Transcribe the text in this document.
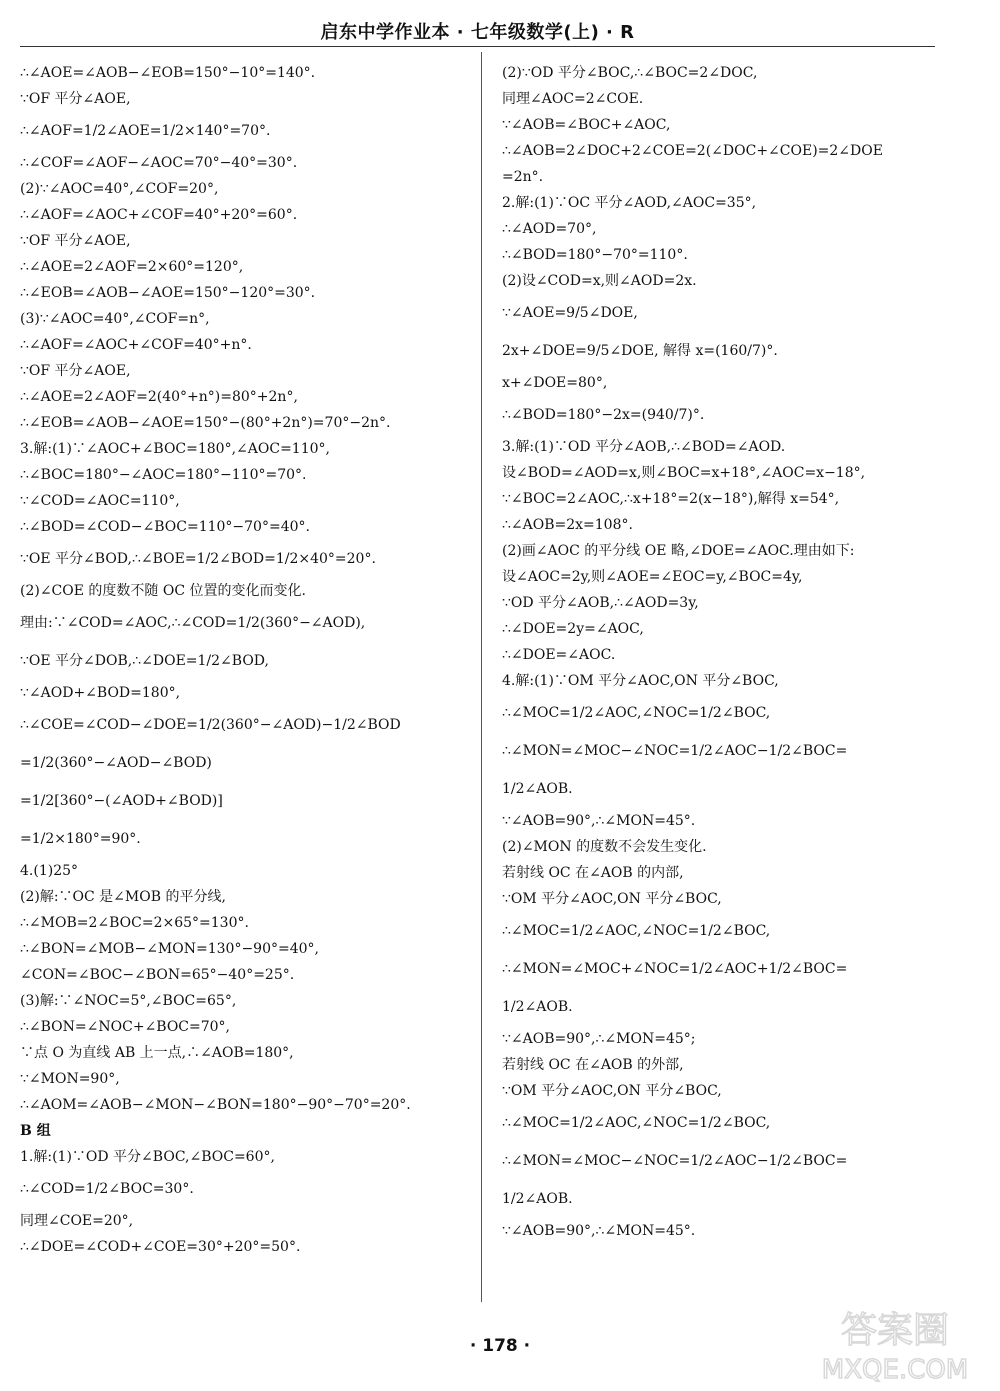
启东中学作业本 · 七年级数学(上) · R
∴∠AOE=∠AOB−∠EOB=150°−10°=140°.
∵OF 平分∠AOE,
∴∠AOF=1/2∠AOE=1/2×140°=70°.
∴∠COF=∠AOF−∠AOC=70°−40°=30°.
(2)∵∠AOC=40°,∠COF=20°,
∴∠AOF=∠AOC+∠COF=40°+20°=60°.
∵OF 平分∠AOE,
∴∠AOE=2∠AOF=2×60°=120°,
∴∠EOB=∠AOB−∠AOE=150°−120°=30°.
(3)∵∠AOC=40°,∠COF=n°,
∴∠AOF=∠AOC+∠COF=40°+n°.
∵OF 平分∠AOE,
∴∠AOE=2∠AOF=2(40°+n°)=80°+2n°,
∴∠EOB=∠AOB−∠AOE=150°−(80°+2n°)=70°−2n°.
3.解:(1)∵∠AOC+∠BOC=180°,∠AOC=110°,
∴∠BOC=180°−∠AOC=180°−110°=70°.
∵∠COD=∠AOC=110°,
∴∠BOD=∠COD−∠BOC=110°−70°=40°.
∵OE 平分∠BOD,∴∠BOE=1/2∠BOD=1/2×40°=20°.
(2)∠COE 的度数不随 OC 位置的变化而变化.
理由:∵∠COD=∠AOC,∴∠COD=1/2(360°−∠AOD),
∵OE 平分∠DOB,∴∠DOE=1/2∠BOD,
∵∠AOD+∠BOD=180°,
∴∠COE=∠COD−∠DOE=1/2(360°−∠AOD)−1/2∠BOD
=1/2(360°−∠AOD−∠BOD)
=1/2[360°−(∠AOD+∠BOD)]
=1/2×180°=90°.
4.(1)25°
(2)解:∵OC 是∠MOB 的平分线,
∴∠MOB=2∠BOC=2×65°=130°.
∴∠BON=∠MOB−∠MON=130°−90°=40°,
∠CON=∠BOC−∠BON=65°−40°=25°.
(3)解:∵∠NOC=5°,∠BOC=65°,
∴∠BON=∠NOC+∠BOC=70°,
∵点 O 为直线 AB 上一点,∴∠AOB=180°,
∵∠MON=90°,
∴∠AOM=∠AOB−∠MON−∠BON=180°−90°−70°=20°.
B 组
1.解:(1)∵OD 平分∠BOC,∠BOC=60°,
∴∠COD=1/2∠BOC=30°.
同理∠COE=20°,
∴∠DOE=∠COD+∠COE=30°+20°=50°.
(2)∵OD 平分∠BOC,∴∠BOC=2∠DOC,
同理∠AOC=2∠COE.
∵∠AOB=∠BOC+∠AOC,
∴∠AOB=2∠DOC+2∠COE=2(∠DOC+∠COE)=2∠DOE
=2n°.
2.解:(1)∵OC 平分∠AOD,∠AOC=35°,
∴∠AOD=70°,
∴∠BOD=180°−70°=110°.
(2)设∠COD=x,则∠AOD=2x.
∵∠AOE=9/5∠DOE,
2x+∠DOE=9/5∠DOE, 解得 x=(160/7)°.
x+∠DOE=80°,
∴∠BOD=180°−2x=(940/7)°.
3.解:(1)∵OD 平分∠AOB,∴∠BOD=∠AOD.
设∠BOD=∠AOD=x,则∠BOC=x+18°,∠AOC=x−18°,
∵∠BOC=2∠AOC,∴x+18°=2(x−18°),解得 x=54°,
∴∠AOB=2x=108°.
(2)画∠AOC 的平分线 OE 略,∠DOE=∠AOC.理由如下:
设∠AOC=2y,则∠AOE=∠EOC=y,∠BOC=4y,
∵OD 平分∠AOB,∴∠AOD=3y,
∴∠DOE=2y=∠AOC,
∴∠DOE=∠AOC.
4.解:(1)∵OM 平分∠AOC,ON 平分∠BOC,
∴∠MOC=1/2∠AOC,∠NOC=1/2∠BOC,
∴∠MON=∠MOC−∠NOC=1/2∠AOC−1/2∠BOC=
1/2∠AOB.
∵∠AOB=90°,∴∠MON=45°.
(2)∠MON 的度数不会发生变化.
若射线 OC 在∠AOB 的内部,
∵OM 平分∠AOC,ON 平分∠BOC,
∴∠MOC=1/2∠AOC,∠NOC=1/2∠BOC,
∴∠MON=∠MOC+∠NOC=1/2∠AOC+1/2∠BOC=
1/2∠AOB.
∵∠AOB=90°,∴∠MON=45°;
若射线 OC 在∠AOB 的外部,
∵OM 平分∠AOC,ON 平分∠BOC,
∴∠MOC=1/2∠AOC,∠NOC=1/2∠BOC,
∴∠MON=∠MOC−∠NOC=1/2∠AOC−1/2∠BOC=
1/2∠AOB.
∵∠AOB=90°,∴∠MON=45°.
· 178 ·	答案圈
MXQE.COM
